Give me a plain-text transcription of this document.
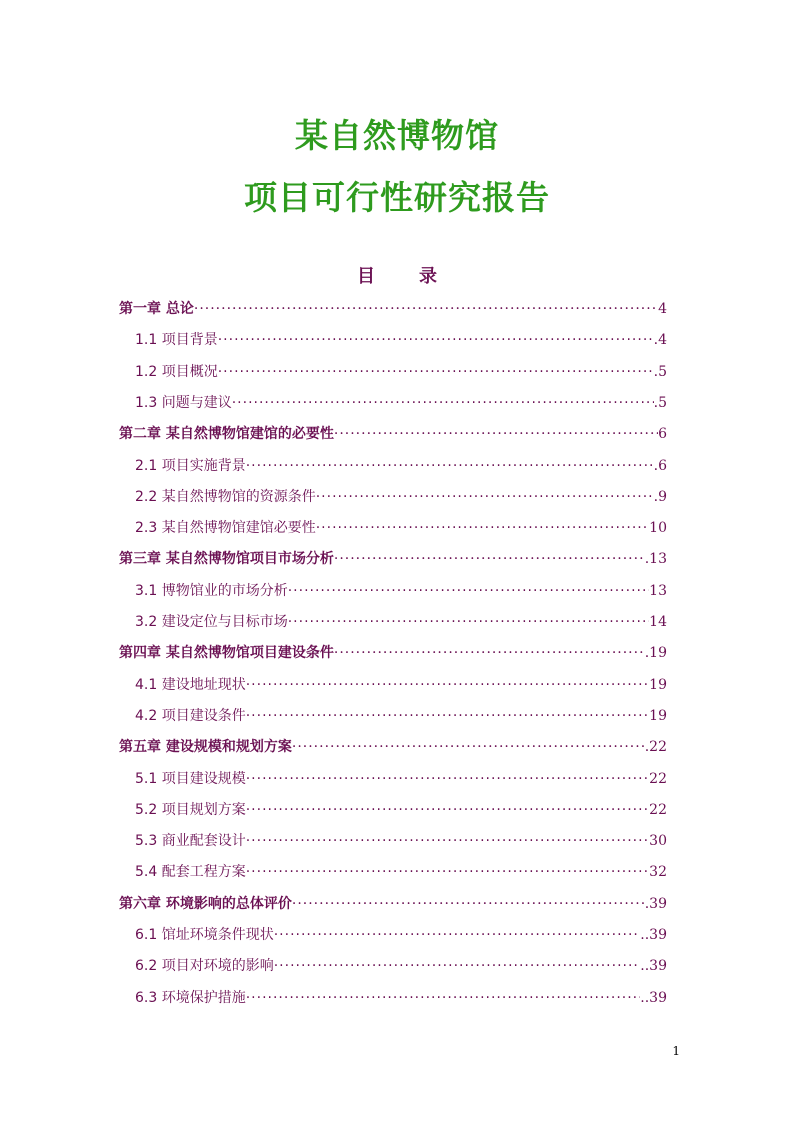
某自然博物馆
项目可行性研究报告
目 录
第一章 总论 ·····	4
1.1 项目背景 ·····	.4
1.2 项目概况 ·····	.5
1.3 问题与建议 ·····	.5
第二章 某自然博物馆建馆的必要性 ·····	6
2.1 项目实施背景 ·····	.6
2.2 某自然博物馆的资源条件 ·····	.9
2.3 某自然博物馆建馆必要性 ·····	10
第三章 某自然博物馆项目市场分析 ·····	.13
3.1 博物馆业的市场分析 ·····	13
3.2 建设定位与目标市场 ·····	14
第四章 某自然博物馆项目建设条件 ·····	.19
4.1 建设地址现状 ·····	19
4.2 项目建设条件 ·····	19
第五章 建设规模和规划方案 ·····	.22
5.1 项目建设规模 ·····	22
5.2 项目规划方案 ·····	22
5.3 商业配套设计 ·····	30
5.4 配套工程方案 ·····	32
第六章 环境影响的总体评价 ·····	.39
6.1 馆址环境条件现状 ·····	..39
6.2 项目对环境的影响 ·····	..39
6.3 环境保护措施 ·····	..39
1
